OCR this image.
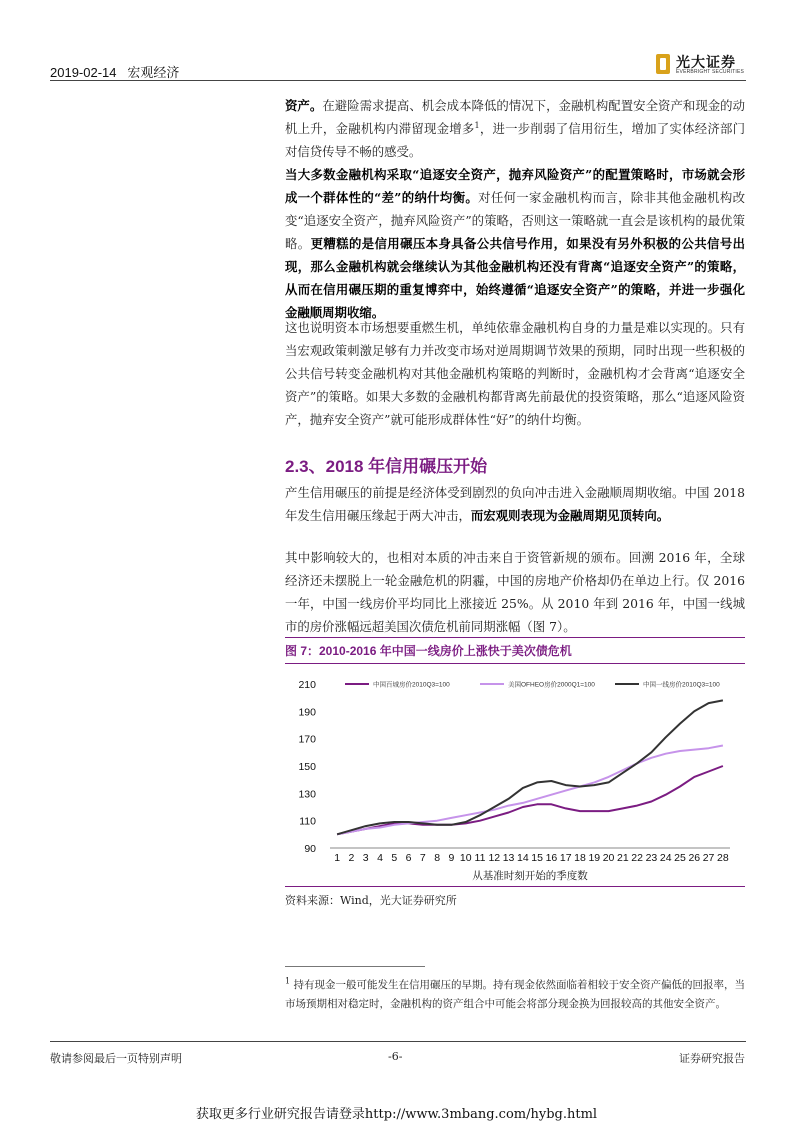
2019-02-14 宏观经济
光大证券
EVERBRIGHT SECURITIES

资产。在避险需求提高、机会成本降低的情况下，金融机构配置安全资产和现金的动机上升，金融机构内滞留现金增多$^1$，进一步削弱了信用衍生，增加了实体经济部门对信贷传导不畅的感受。

当大多数金融机构采取“追逐安全资产，抛弃风险资产”的配置策略时，市场就会形成一个群体性的“差”的纳什均衡。对任何一家金融机构而言，除非其他金融机构改变“追逐安全资产，抛弃风险资产”的策略，否则这一策略就一直会是该机构的最优策略。更糟糕的是信用碾压本身具备公共信号作用，如果没有另外积极的公共信号出现，那么金融机构就会继续认为其他金融机构还没有背离“追逐安全资产”的策略，从而在信用碾压期的重复博弈中，始终遵循“追逐安全资产”的策略，并进一步强化金融顺周期收缩。

这也说明资本市场想要重燃生机，单纯依靠金融机构自身的力量是难以实现的。只有当宏观政策刺激足够有力并改变市场对逆周期调节效果的预期，同时出现一些积极的公共信号转变金融机构对其他金融机构策略的判断时，金融机构才会背离“追逐安全资产”的策略。如果大多数的金融机构都背离先前最优的投资策略，那么“追逐风险资产，抛弃安全资产”就可能形成群体性“好”的纳什均衡。

2.3、2018 年信用碾压开始

产生信用碾压的前提是经济体受到剧烈的负向冲击进入金融顺周期收缩。中国 2018 年发生信用碾压缘起于两大冲击，而宏观则表现为金融周期见顶转向。

其中影响较大的，也相对本质的冲击来自于资管新规的颁布。回溯 2016 年，全球经济还未摆脱上一轮金融危机的阴霾，中国的房地产价格却仍在单边上行。仅 2016 一年，中国一线房价平均同比上涨接近 25%。从 2010 年到 2016 年，中国一线城市的房价涨幅远超美国次债危机前同期涨幅（图 7）。

图 7：2010-2016 年中国一线房价上涨快于美次债危机
90
110
130
150
170
190
210
1 2 3 4 5 6 7 8 9 10 11 12 13 14 15 16 17 18 19 20 21 22 23 24 25 26 27 28
中国百城房价2010Q3=100	美国OFHEO房价2000Q1=100	中国一线房价2010Q3=100
从基准时刻开始的季度数
资料来源：Wind，光大证券研究所

$^1$ 持有现金一般可能发生在信用碾压的早期。持有现金依然面临着相较于安全资产偏低的回报率，当市场预期相对稳定时，金融机构的资产组合中可能会将部分现金换为回报较高的其他安全资产。

敬请参阅最后一页特别声明	-6-	证券研究报告
获取更多行业研究报告请登录http://www.3mbang.com/hybg.html
